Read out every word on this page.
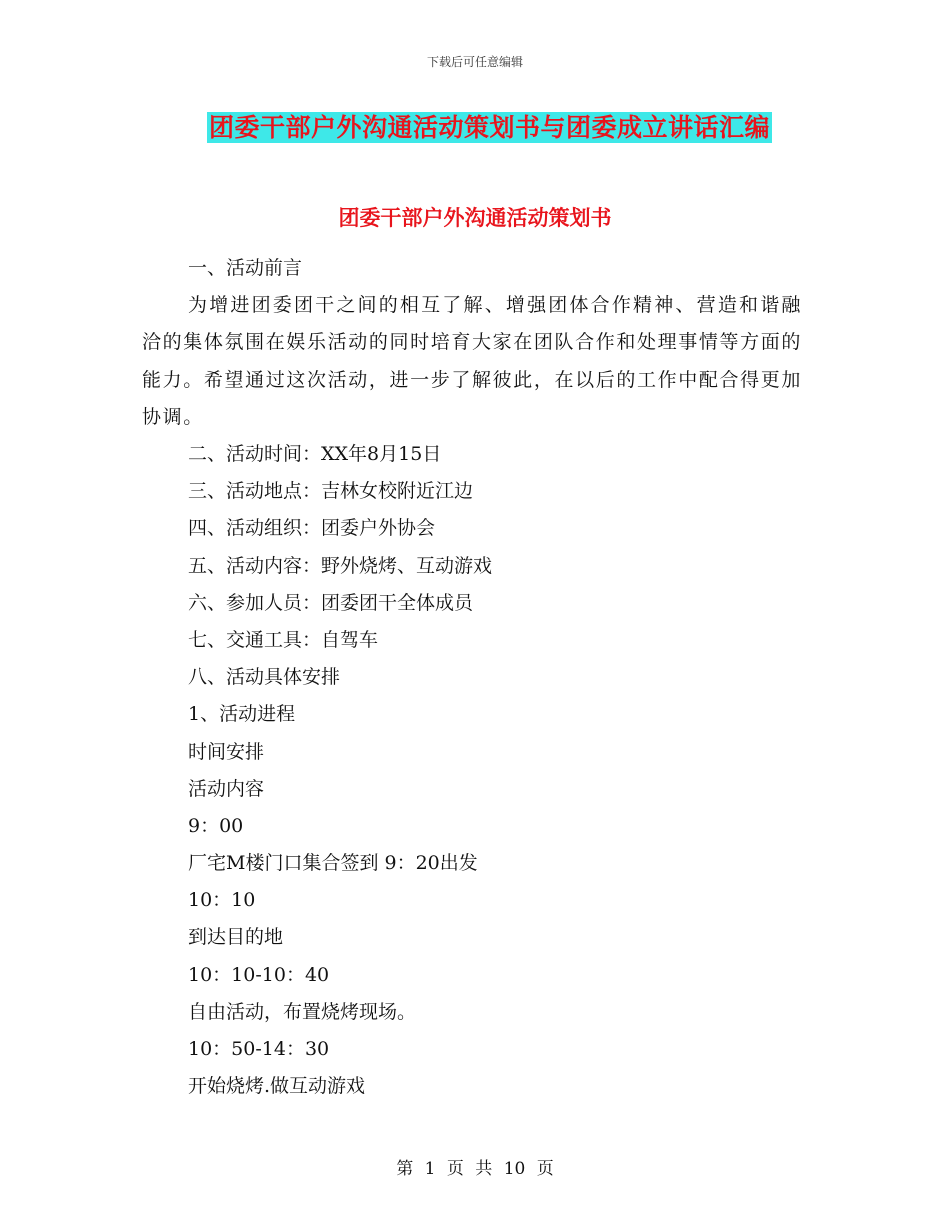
下载后可任意编辑
团委干部户外沟通活动策划书与团委成立讲话汇编
团委干部户外沟通活动策划书

一、活动前言

为增进团委团干之间的相互了解、增强团体合作精神、营造和谐融洽的集体氛围在娱乐活动的同时培育大家在团队合作和处理事情等方面的能力。希望通过这次活动，进一步了解彼此，在以后的工作中配合得更加协调。

二、活动时间：XX年8月15日

三、活动地点：吉林女校附近江边

四、活动组织：团委户外协会

五、活动内容：野外烧烤、互动游戏

六、参加人员：团委团干全体成员

七、交通工具：自驾车

八、活动具体安排

1、活动进程

时间安排

活动内容

9：00

厂宅M楼门口集合签到 9：20出发

10：10

到达目的地

10：10-10：40

自由活动，布置烧烤现场。

10：50-14：30

开始烧烤.做互动游戏

第 1 页 共 10 页
